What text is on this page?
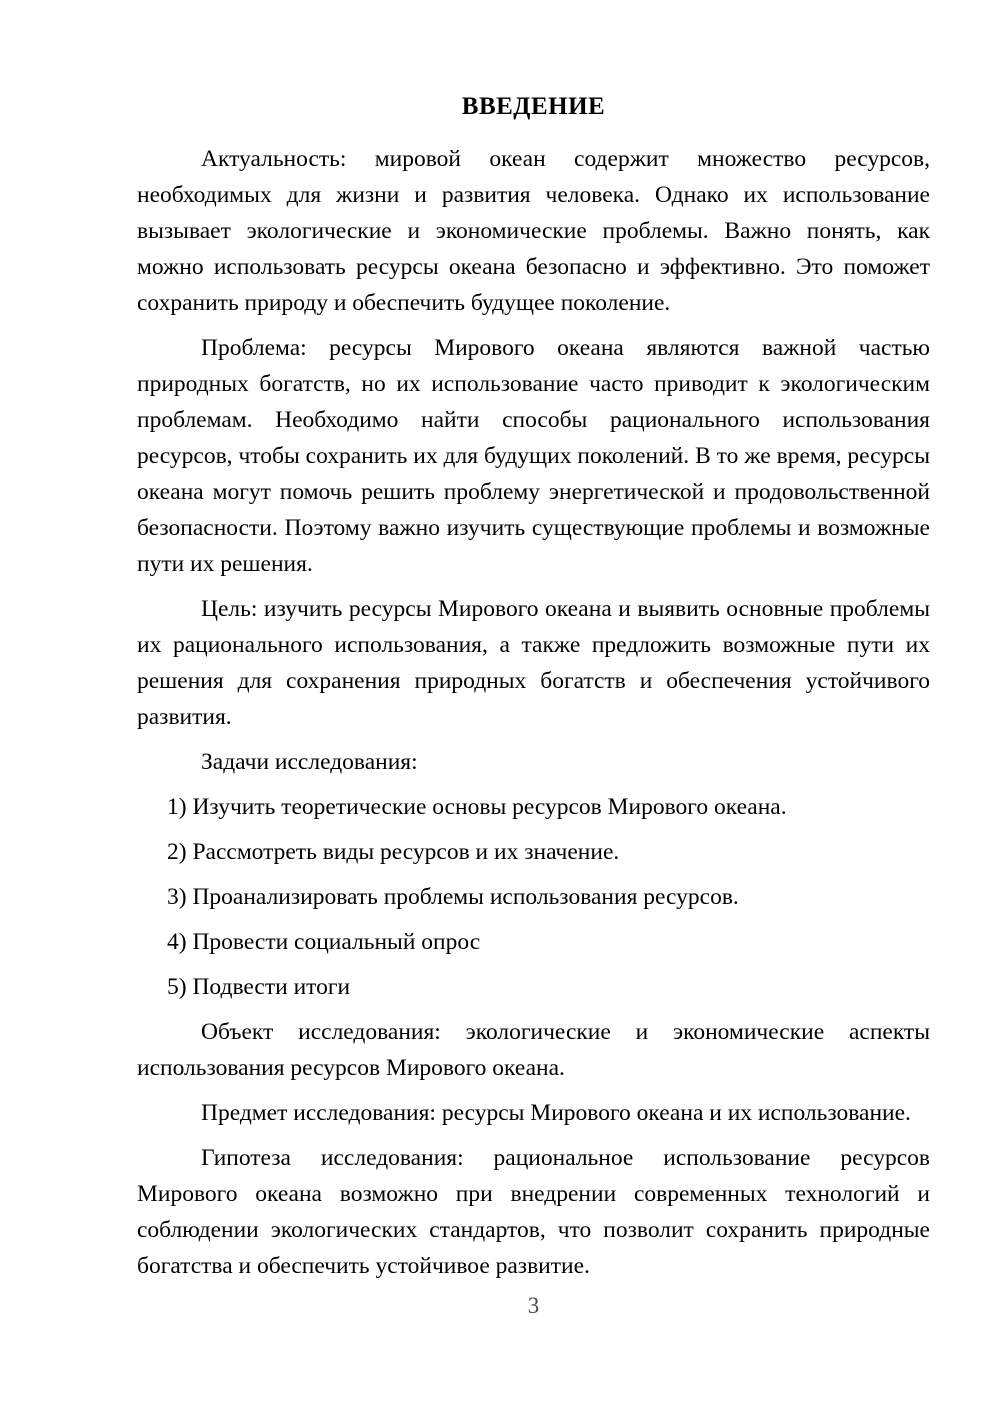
ВВЕДЕНИЕ

Актуальность: мировой океан содержит множество ресурсов, необходимых для жизни и развития человека. Однако их использование вызывает экологические и экономические проблемы. Важно понять, как можно использовать ресурсы океана безопасно и эффективно. Это поможет сохранить природу и обеспечить будущее поколение.

Проблема: ресурсы Мирового океана являются важной частью природных богатств, но их использование часто приводит к экологическим проблемам. Необходимо найти способы рационального использования ресурсов, чтобы сохранить их для будущих поколений. В то же время, ресурсы океана могут помочь решить проблему энергетической и продовольственной безопасности. Поэтому важно изучить существующие проблемы и возможные пути их решения.

Цель: изучить ресурсы Мирового океана и выявить основные проблемы их рационального использования, а также предложить возможные пути их решения для сохранения природных богатств и обеспечения устойчивого развития.

Задачи исследования:

1) Изучить теоретические основы ресурсов Мирового океана.

2) Рассмотреть виды ресурсов и их значение.

3) Проанализировать проблемы использования ресурсов.

4) Провести социальный опрос

5) Подвести итоги

Объект исследования: экологические и экономические аспекты использования ресурсов Мирового океана.

Предмет исследования: ресурсы Мирового океана и их использование.

Гипотеза исследования: рациональное использование ресурсов Мирового океана возможно при внедрении современных технологий и соблюдении экологических стандартов, что позволит сохранить природные богатства и обеспечить устойчивое развитие.

3
